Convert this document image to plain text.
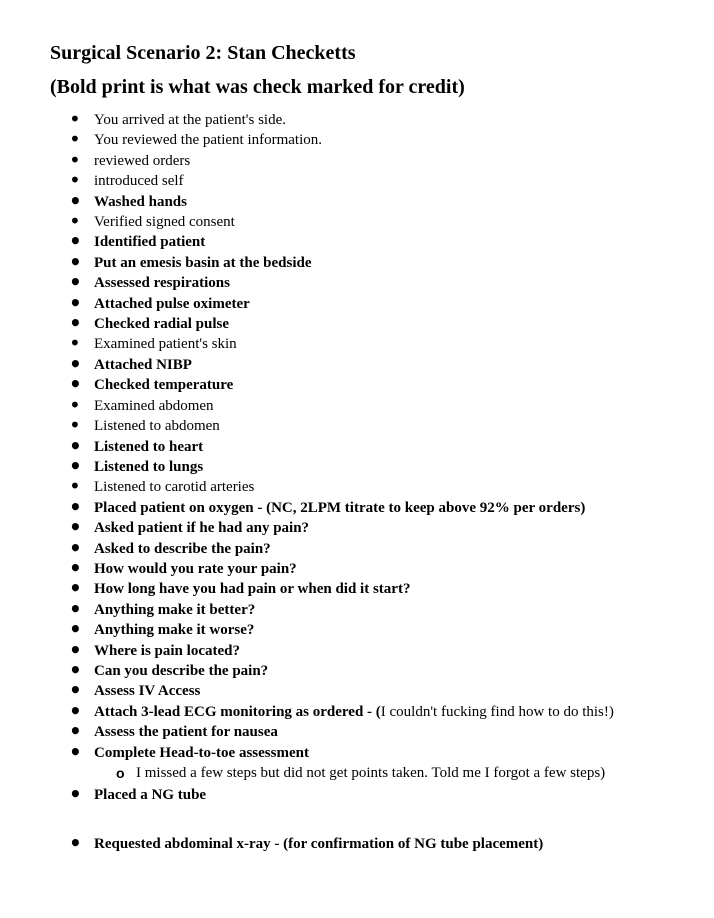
Surgical Scenario 2: Stan Checketts
(Bold print is what was check marked for credit)
• You arrived at the patient's side.
• You reviewed the patient information.
• reviewed orders
• introduced self
• Washed hands
• Verified signed consent
• Identified patient
• Put an emesis basin at the bedside
• Assessed respirations
• Attached pulse oximeter
• Checked radial pulse
• Examined patient's skin
• Attached NIBP
• Checked temperature
• Examined abdomen
• Listened to abdomen
• Listened to heart
• Listened to lungs
• Listened to carotid arteries
• Placed patient on oxygen - (NC, 2LPM titrate to keep above 92% per orders)
• Asked patient if he had any pain?
• Asked to describe the pain?
• How would you rate your pain?
• How long have you had pain or when did it start?
• Anything make it better?
• Anything make it worse?
• Where is pain located?
• Can you describe the pain?
• Assess IV Access
• Attach 3-lead ECG monitoring as ordered - (I couldn't fucking find how to do this!)
• Assess the patient for nausea
• Complete Head-to-toe assessment
o I missed a few steps but did not get points taken. Told me I forgot a few steps)
• Placed a NG tube
• Requested abdominal x-ray - (for confirmation of NG tube placement)
